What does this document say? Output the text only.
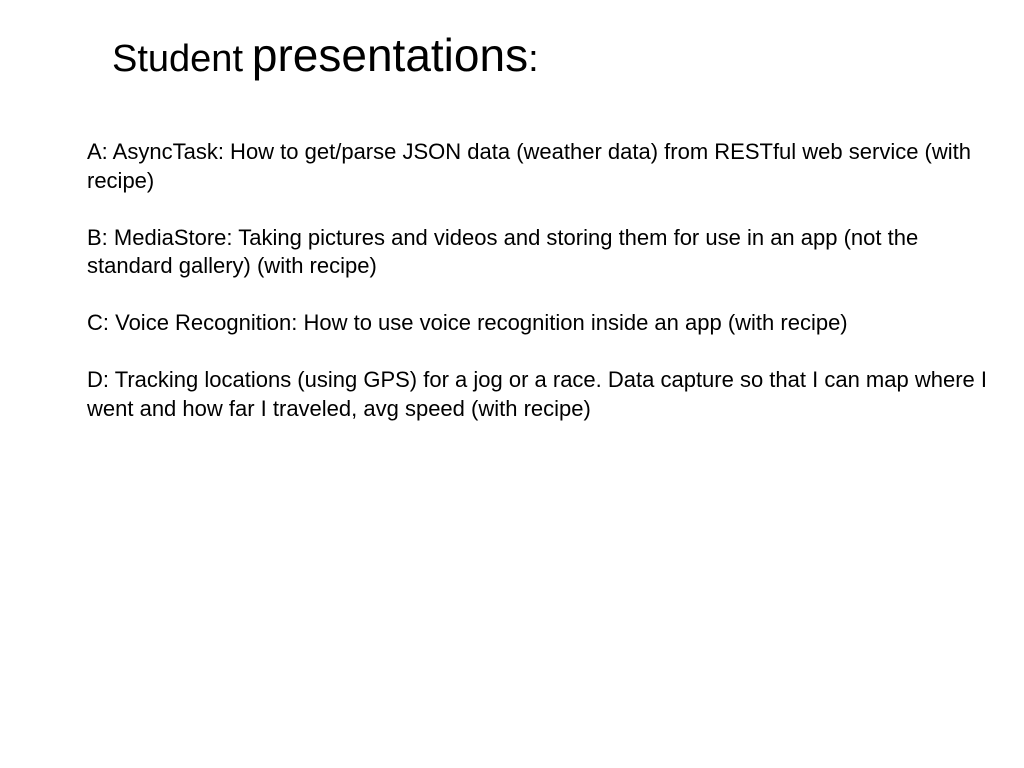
Student presentations:
A: AsyncTask: How to get/parse JSON data (weather data) from RESTful web service (with recipe)
B: MediaStore: Taking pictures and videos and storing them for use in an app (not the standard gallery) (with recipe)
C: Voice Recognition: How to use voice recognition inside an app (with recipe)
D: Tracking locations (using GPS) for a jog or a race. Data capture so that I can map where I went and how far I traveled, avg speed (with recipe)
